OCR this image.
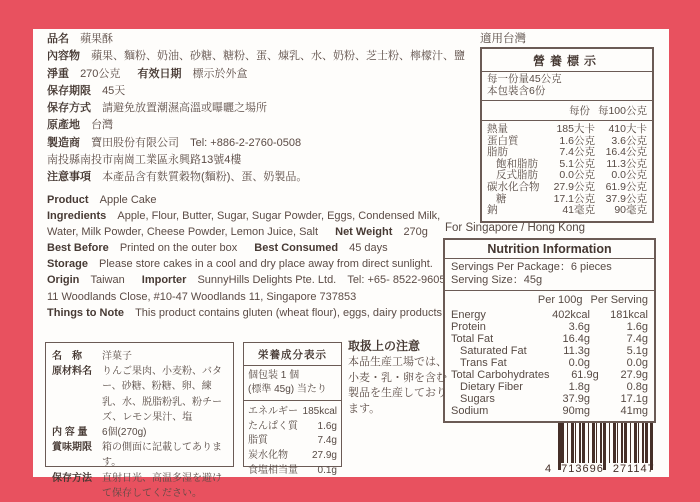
品名 蘋果酥
內容物 蘋果、麵粉、奶油、砂糖、糖粉、蛋、煉乳、水、奶粉、芝士粉、檸檬汁、鹽
淨重 270公克 有效日期 標示於外盒
保存期限 45天
保存方式 請避免放置潮濕高溫或曝曬之場所
原產地 台灣
製造商 寶田股份有限公司 Tel: +886-2-2760-0508
南投縣南投市南崗工業區永興路13號4樓
注意事項 本產品含有麩質穀物(麵粉)、蛋、奶製品。
Product Apple Cake
Ingredients Apple, Flour, Butter, Sugar, Sugar Powder, Eggs, Condensed Milk, Water, Milk Powder, Cheese Powder, Lemon Juice, Salt Net Weight 270g
Best Before Printed on the outer box Best Consumed 45 days
Storage Please store cakes in a cool and dry place away from direct sunlight.
Origin Taiwan Importer SunnyHills Delights Pte. Ltd. Tel: +65- 8522-9605
11 Woodlands Close, #10-47 Woodlands 11, Singapore 737853
Things to Note This product contains gluten (wheat flour), eggs, dairy products.
適用台灣
營養標示
每一份量45公克
本包裝含6份
每份 每100公克
熱量	185大卡	410大卡
蛋白質	1.6公克	3.6公克
脂肪	7.4公克	16.4公克
飽和脂肪	5.1公克	11.3公克
反式脂肪	0.0公克	0.0公克
碳水化合物	27.9公克	61.9公克
糖	17.1公克	37.9公克
鈉	41毫克	90毫克
For Singapore / Hong Kong
Nutrition Information
Servings Per Package：6 pieces
Serving Size：45g
Per 100g Per Serving
Energy	402kcal	181kcal
Protein	3.6g	1.6g
Total Fat	16.4g	7.4g
Saturated Fat	11.3g	5.1g
Trans Fat	0.0g	0.0g
Total Carbohydrates	61.9g	27.9g
Dietary Fiber	1.8g	0.8g
Sugars	37.9g	17.1g
Sodium	90mg	41mg
名　称	洋菓子
原材料名	りんご果肉、小麦粉、バター、砂糖、粉糖、卵、練乳、水、脱脂粉乳、粉チーズ、レモン果汁、塩
内 容 量	6個(270g)
賞味期限	箱の側面に記載してあります。
保存方法	直射日光、高温多湿を避けて保存してください。
栄養成分表示
個包装 1 個
(標準 45g) 当たり
エネルギー 185kcal
たんぱく質	1.6g
脂質	7.4g
炭水化物	27.9g
食塩相当量	0.1g
取扱上の注意
本品生産工場では、小麦・乳・卵を含む製品を生産しております。
4 713696 271147
